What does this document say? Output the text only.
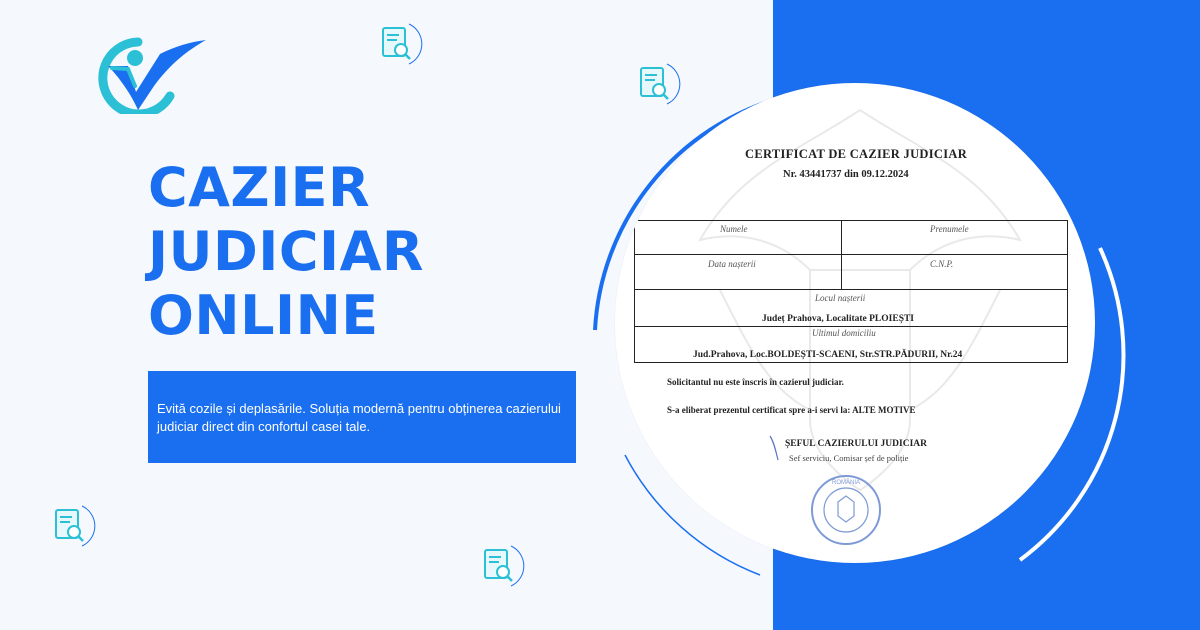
CAZIER
JUDICIAR
ONLINE
Evită cozile și deplasările. Soluția modernă pentru obținerea cazierului judiciar direct din confortul casei tale.
CERTIFICAT DE CAZIER JUDICIAR
Nr. 43441737 din 09.12.2024
Numele	Prenumele
Data nașterii	C.N.P.
Locul nașterii
Județ Prahova, Localitate PLOIEȘTI
Ultimul domiciliu
Jud.Prahova, Loc.BOLDEȘTI-SCAENI, Str.STR.PĂDURII, Nr.24
Solicitantul nu este înscris în cazierul judiciar.
S-a eliberat prezentul certificat spre a-i servi la: ALTE MOTIVE
ȘEFUL CAZIERULUI JUDICIAR
Sef serviciu, Comisar șef de poliție
ROMÂNIA
